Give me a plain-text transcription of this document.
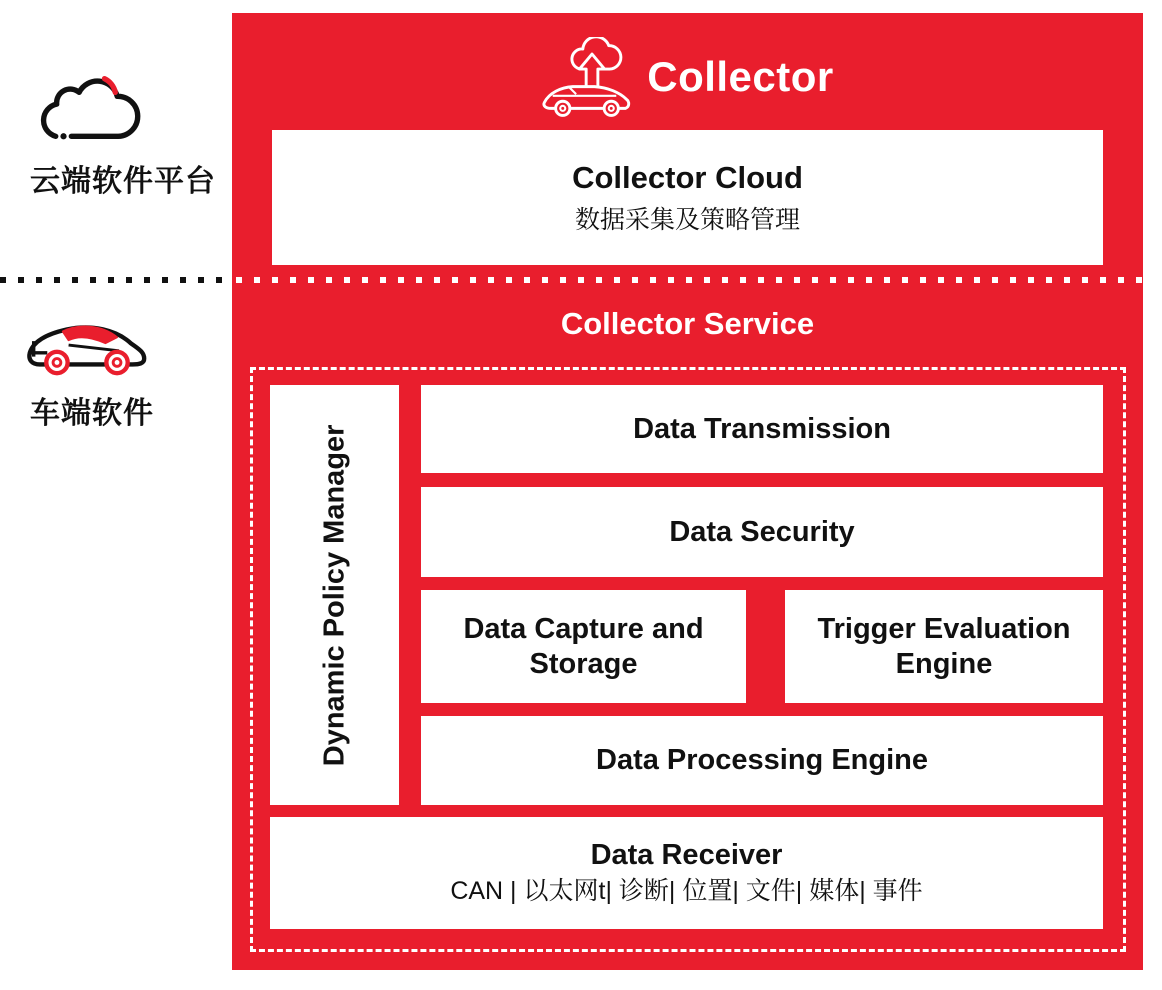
云端软件平台
车端软件
Collector
Collector Cloud
数据采集及策略管理
Collector Service
Dynamic Policy Manager	Data Transmission
Data Security
Data Capture and Storage
Trigger Evaluation Engine
Data Processing Engine
Data Receiver
CAN | 以太网t| 诊断| 位置| 文件| 媒体| 事件
